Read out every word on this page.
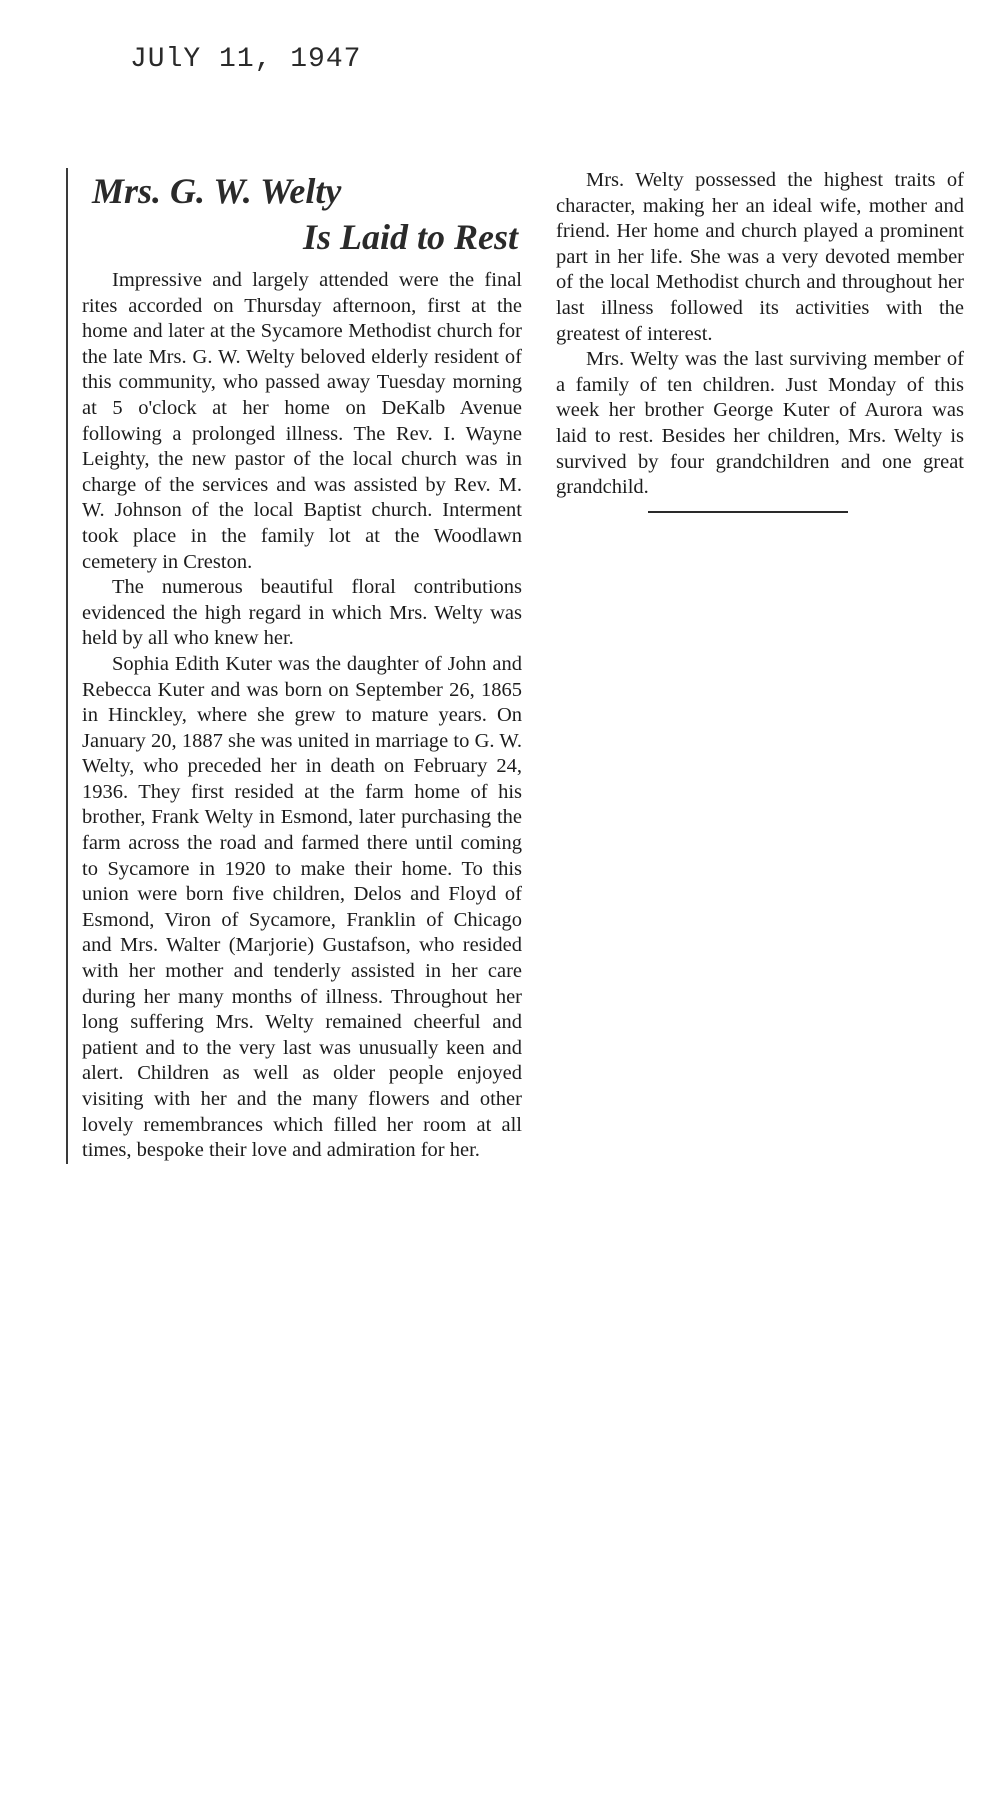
JUlY 11, 1947
Mrs. G. W. Welty
Is Laid to Rest

Impressive and largely attended were the final rites accorded on Thursday afternoon, first at the home and later at the Sycamore Methodist church for the late Mrs. G. W. Welty beloved elderly resident of this community, who passed away Tuesday morning at 5 o'clock at her home on DeKalb Avenue following a prolonged illness. The Rev. I. Wayne Leighty, the new pastor of the local church was in charge of the services and was assisted by Rev. M. W. Johnson of the local Baptist church. Interment took place in the family lot at the Woodlawn cemetery in Creston.

The numerous beautiful floral contributions evidenced the high regard in which Mrs. Welty was held by all who knew her.

Sophia Edith Kuter was the daughter of John and Rebecca Kuter and was born on September 26, 1865 in Hinckley, where she grew to mature years. On January 20, 1887 she was united in marriage to G. W. Welty, who preceded her in death on February 24, 1936. They first resided at the farm home of his brother, Frank Welty in Esmond, later purchasing the farm across the road and farmed there until coming to Sycamore in 1920 to make their home. To this union were born five children, Delos and Floyd of Esmond, Viron of Sycamore, Franklin of Chicago and Mrs. Walter (Marjorie) Gustafson, who resided with her mother and tenderly assisted in her care during her many months of illness. Throughout her long suffering Mrs. Welty remained cheerful and patient and to the very last was unusually keen and alert. Children as well as older people enjoyed visiting with her and the many flowers and other lovely remembrances which filled her room at all times, bespoke their love and admiration for her.

Mrs. Welty possessed the highest traits of character, making her an ideal wife, mother and friend. Her home and church played a prominent part in her life. She was a very devoted member of the local Methodist church and throughout her last illness followed its activities with the greatest of interest.

Mrs. Welty was the last surviving member of a family of ten children. Just Monday of this week her brother George Kuter of Aurora was laid to rest. Besides her children, Mrs. Welty is survived by four grandchildren and one great grandchild.
